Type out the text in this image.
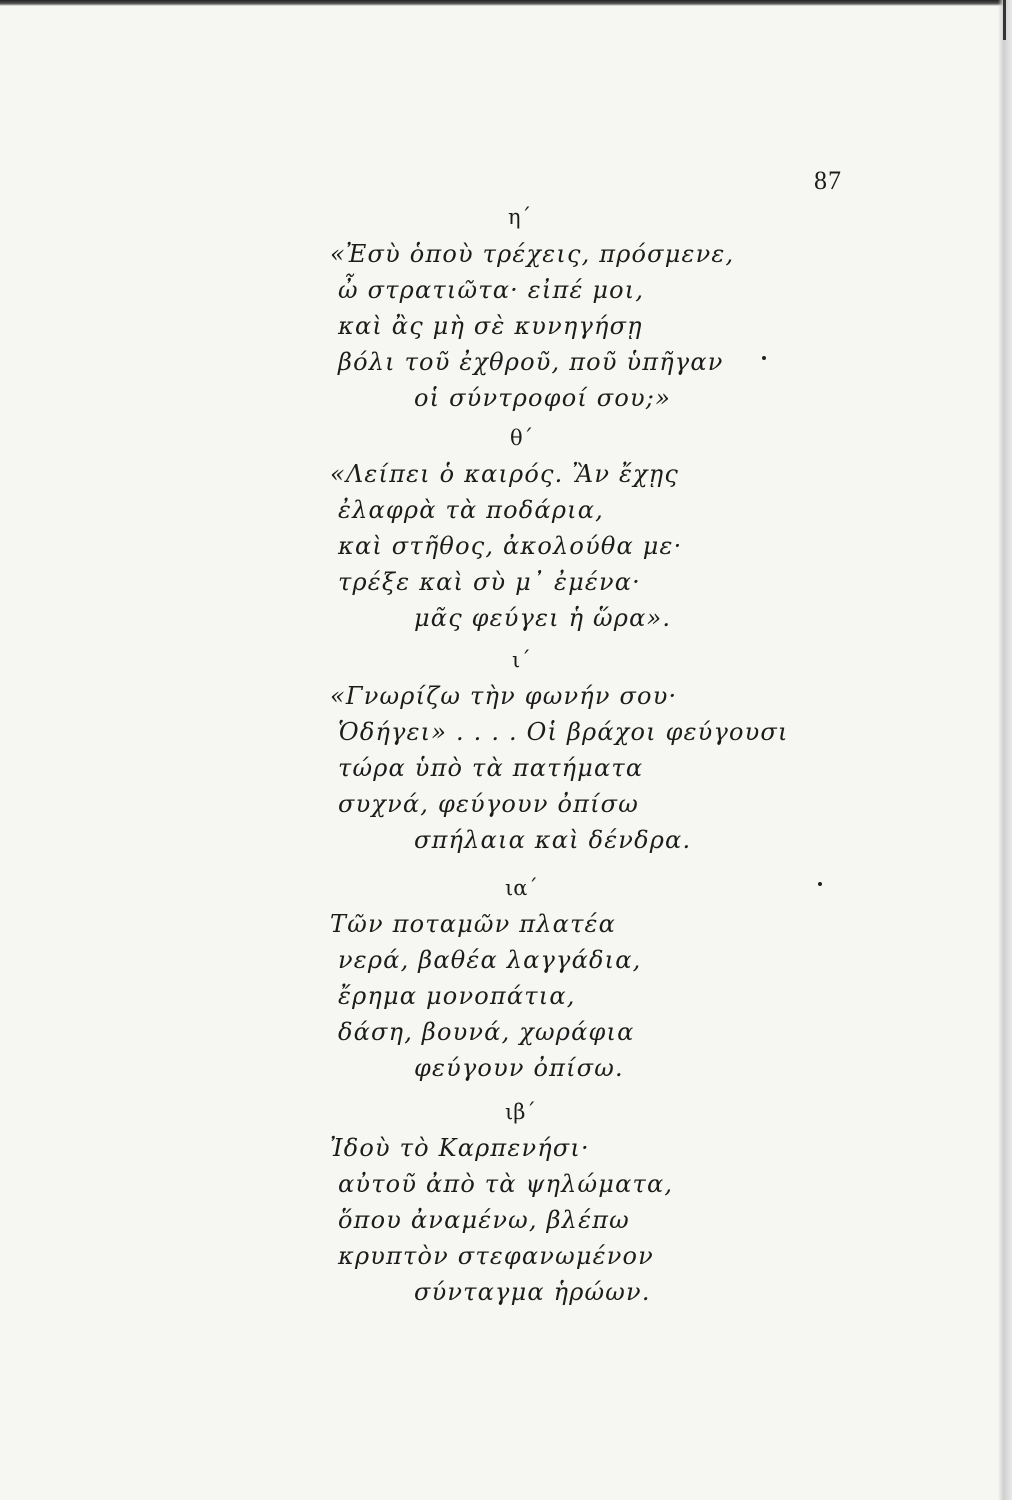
87
η΄
«Ἐσὺ ὁποὺ τρέχεις, πρόσμενε,
ὦ στρατιῶτα· εἰπέ μοι,
καὶ ἂς μὴ σὲ κυνηγήσῃ
βόλι τοῦ ἐχθροῦ, ποῦ ὑπῆγαν
οἱ σύντροφοί σου;»
θ΄
«Λείπει ὁ καιρός. Ἂν ἔχῃς
ἐλαφρὰ τὰ ποδάρια,
καὶ στῆθος, ἀκολούθα με·
τρέξε καὶ σὺ μ᾿ ἐμένα·
μᾶς φεύγει ἡ ὥρα».
ι΄
«Γνωρίζω τὴν φωνήν σου·
Ὁδήγει» . . . . Οἱ βράχοι φεύγουσι
τώρα ὑπὸ τὰ πατήματα
συχνά, φεύγουν ὀπίσω
σπήλαια καὶ δένδρα.
ια΄
Τῶν ποταμῶν πλατέα
νερά, βαθέα λαγγάδια,
ἔρημα μονοπάτια,
δάση, βουνά, χωράφια
φεύγουν ὀπίσω.
ιβ΄
Ἰδοὺ τὸ Καρπενήσι·
αὐτοῦ ἀπὸ τὰ ψηλώματα,
ὅπου ἀναμένω, βλέπω
κρυπτὸν στεφανωμένον
σύνταγμα ἡρώων.
